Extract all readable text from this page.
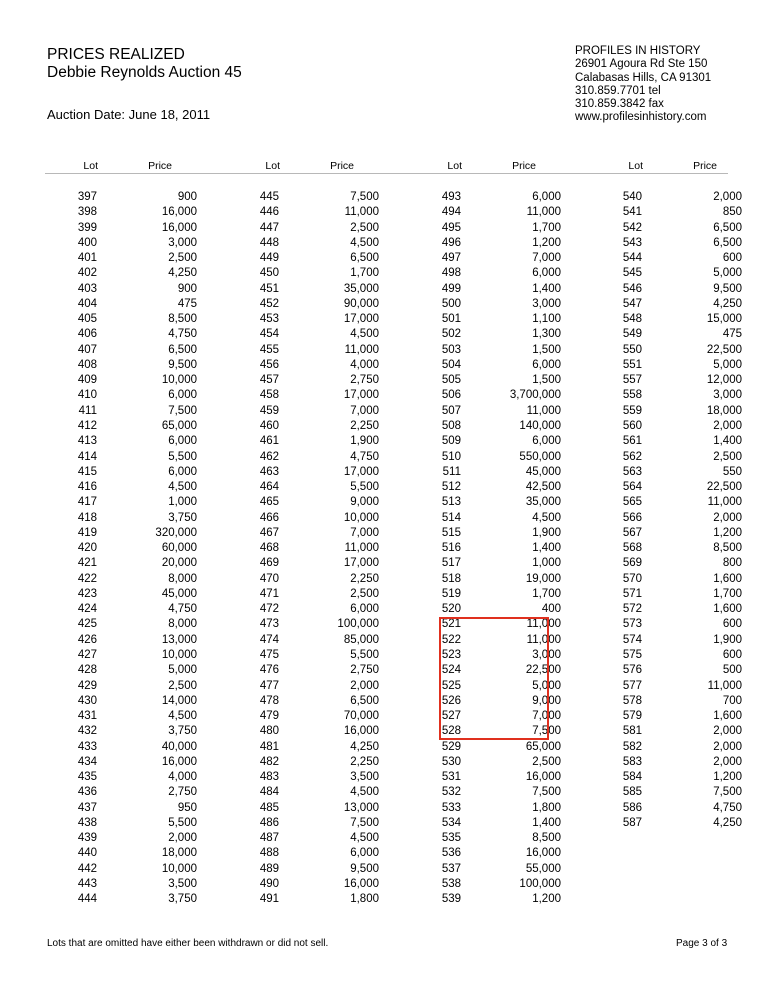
PRICES REALIZED
Debbie Reynolds Auction 45
Auction Date: June 18, 2011
PROFILES IN HISTORY
26901 Agoura Rd Ste 150
Calabasas Hills, CA 91301
310.859.7701 tel
310.859.3842 fax
www.profilesinhistory.com
Lot	Price	Lot	Price	Lot	Price	Lot	Price
397	900
398	16,000
399	16,000
400	3,000
401	2,500
402	4,250
403	900
404	475
405	8,500
406	4,750
407	6,500
408	9,500
409	10,000
410	6,000
411	7,500
412	65,000
413	6,000
414	5,500
415	6,000
416	4,500
417	1,000
418	3,750
419	320,000
420	60,000
421	20,000
422	8,000
423	45,000
424	4,750
425	8,000
426	13,000
427	10,000
428	5,000
429	2,500
430	14,000
431	4,500
432	3,750
433	40,000
434	16,000
435	4,000
436	2,750
437	950
438	5,500
439	2,000
440	18,000
442	10,000
443	3,500
444	3,750
445	7,500
446	11,000
447	2,500
448	4,500
449	6,500
450	1,700
451	35,000
452	90,000
453	17,000
454	4,500
455	11,000
456	4,000
457	2,750
458	17,000
459	7,000
460	2,250
461	1,900
462	4,750
463	17,000
464	5,500
465	9,000
466	10,000
467	7,000
468	11,000
469	17,000
470	2,250
471	2,500
472	6,000
473	100,000
474	85,000
475	5,500
476	2,750
477	2,000
478	6,500
479	70,000
480	16,000
481	4,250
482	2,250
483	3,500
484	4,500
485	13,000
486	7,500
487	4,500
488	6,000
489	9,500
490	16,000
491	1,800
493	6,000
494	11,000
495	1,700
496	1,200
497	7,000
498	6,000
499	1,400
500	3,000
501	1,100
502	1,300
503	1,500
504	6,000
505	1,500
506	3,700,000
507	11,000
508	140,000
509	6,000
510	550,000
511	45,000
512	42,500
513	35,000
514	4,500
515	1,900
516	1,400
517	1,000
518	19,000
519	1,700
520	400
521	11,000
522	11,000
523	3,000
524	22,500
525	5,000
526	9,000
527	7,000
528	7,500
529	65,000
530	2,500
531	16,000
532	7,500
533	1,800
534	1,400
535	8,500
536	16,000
537	55,000
538	100,000
539	1,200
540	2,000
541	850
542	6,500
543	6,500
544	600
545	5,000
546	9,500
547	4,250
548	15,000
549	475
550	22,500
551	5,000
557	12,000
558	3,000
559	18,000
560	2,000
561	1,400
562	2,500
563	550
564	22,500
565	11,000
566	2,000
567	1,200
568	8,500
569	800
570	1,600
571	1,700
572	1,600
573	600
574	1,900
575	600
576	500
577	11,000
578	700
579	1,600
581	2,000
582	2,000
583	2,000
584	1,200
585	7,500
586	4,750
587	4,250
Lots that are omitted have either been withdrawn or did not sell.	Page 3 of 3
